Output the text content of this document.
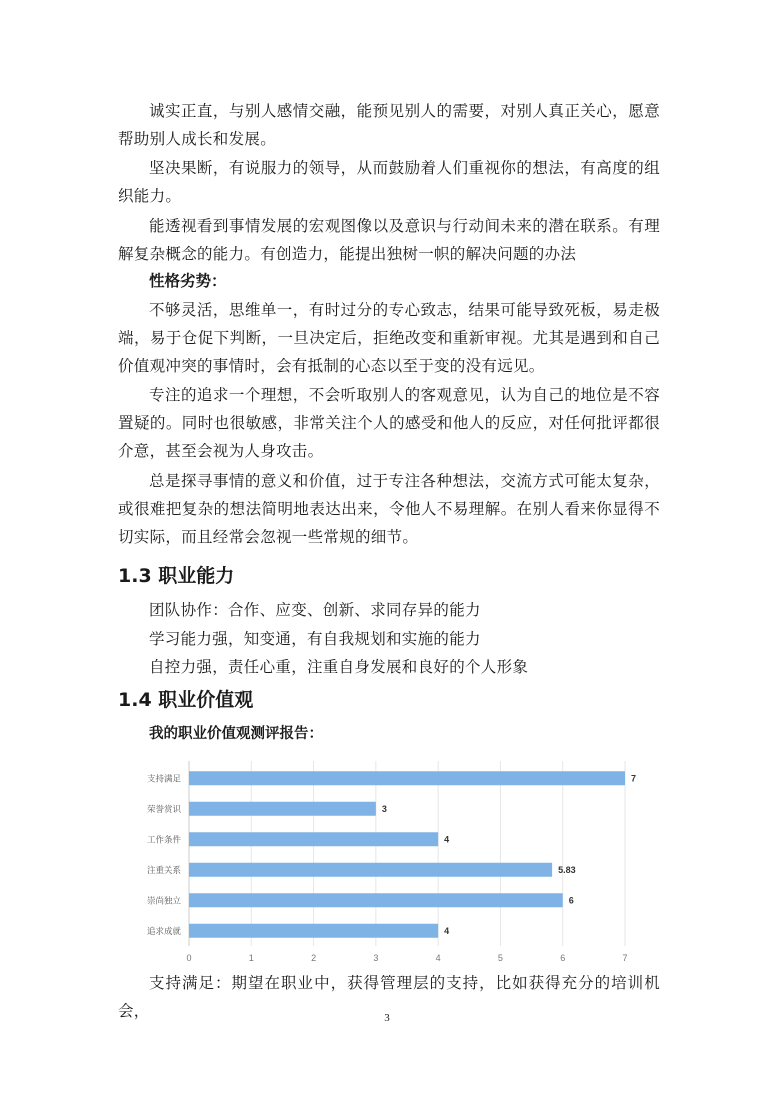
诚实正直，与别人感情交融，能预见别人的需要，对别人真正关心，愿意帮助别人成长和发展。

坚决果断，有说服力的领导，从而鼓励着人们重视你的想法，有高度的组织能力。

能透视看到事情发展的宏观图像以及意识与行动间未来的潜在联系。有理解复杂概念的能力。有创造力，能提出独树一帜的解决问题的办法

性格劣势：

不够灵活，思维单一，有时过分的专心致志，结果可能导致死板，易走极端，易于仓促下判断，一旦决定后，拒绝改变和重新审视。尤其是遇到和自己价值观冲突的事情时，会有抵制的心态以至于变的没有远见。

专注的追求一个理想，不会听取别人的客观意见，认为自己的地位是不容置疑的。同时也很敏感，非常关注个人的感受和他人的反应，对任何批评都很介意，甚至会视为人身攻击。

总是探寻事情的意义和价值，过于专注各种想法，交流方式可能太复杂，或很难把复杂的想法简明地表达出来，令他人不易理解。在别人看来你显得不切实际，而且经常会忽视一些常规的细节。

1.3 职业能力

团队协作：合作、应变、创新、求同存异的能力

学习能力强，知变通，有自我规划和实施的能力

自控力强，责任心重，注重自身发展和良好的个人形象

1.4 职业价值观

我的职业价值观测评报告：

0	1	2	3	4	5	6	7
支持满足	7
荣誉赏识	3
工作条件	4
注重关系	5.83
崇尚独立	6
追求成就	4

支持满足：期望在职业中，获得管理层的支持，比如获得充分的培训机会，	3
